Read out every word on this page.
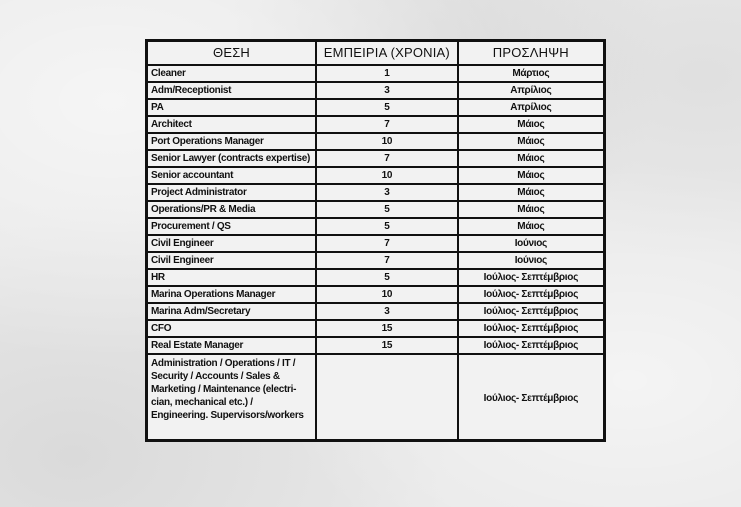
ΘΕΣΗ	ΕΜΠΕΙΡΙΑ (ΧΡΟΝΙΑ)	ΠΡΟΣΛΗΨΗ
Cleaner	1	Μάρτιος
Adm/Receptionist	3	Απρίλιος
PA	5	Απρίλιος
Architect	7	Μάιος
Port Operations Manager	10	Μάιος
Senior Lawyer (contracts expertise)	7	Μάιος
Senior accountant	10	Μάιος
Project Administrator	3	Μάιος
Operations/PR & Media	5	Μάιος
Procurement / QS	5	Μάιος
Civil Engineer	7	Ιούνιος
Civil Engineer	7	Ιούνιος
HR	5	Ιούλιος- Σεπτέμβριος
Marina Operations Manager	10	Ιούλιος- Σεπτέμβριος
Marina Adm/Secretary	3	Ιούλιος- Σεπτέμβριος
CFO	15	Ιούλιος- Σεπτέμβριος
Real Estate Manager	15	Ιούλιος- Σεπτέμβριος
Administration / Operations / IT / Security / Accounts / Sales & Marketing / Maintenance (electri-cian, mechanical etc.) / Engineering. Supervisors/workers		Ιούλιος- Σεπτέμβριος
